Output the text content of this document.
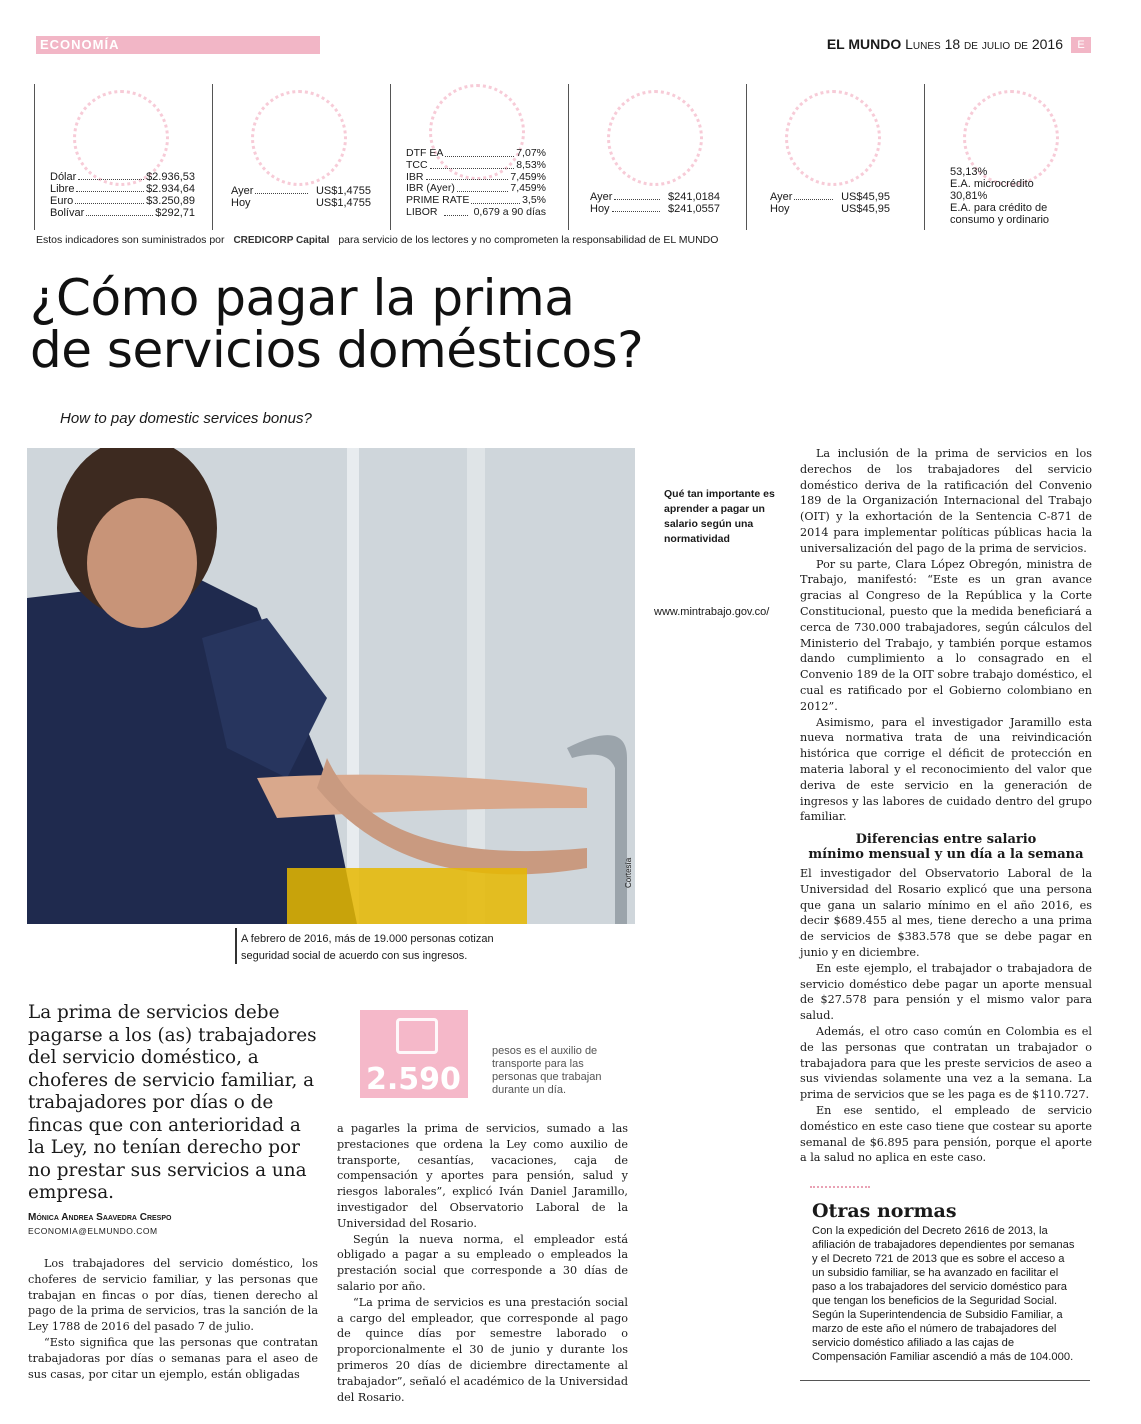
ECONOMÍA	EL MUNDO Lunes 18 de julio de 2016	E
Dólar	$2.936,53
Libre	$2.934,64
Euro	$3.250,89
Bolívar	$292,71
Ayer	US$1,4755
Hoy	US$1,4755
DTF EA	7,07%
TCC	8,53%
IBR	7,459%
IBR (Ayer)	7,459%
PRIME RATE	3,5%
LIBOR	0,679 a 90 días
Ayer	$241,0184
Hoy	$241,0557
Ayer	US$45,95
Hoy	US$45,95
53,13%
E.A. microcrédito
30,81%
E.A. para crédito de
consumo y ordinario
Estos indicadores son suministrados por CREDICORP Capital para servicio de los lectores y no comprometen la responsabilidad de EL MUNDO
¿Cómo pagar la prima
de servicios domésticos?
How to pay domestic services bonus?
Cortesía
A febrero de 2016, más de 19.000 personas cotizan seguridad social de acuerdo con sus ingresos.
Qué tan importante es aprender a pagar un salario según una normatividad
www.mintrabajo.gov.co/
La prima de servicios debe pagarse a los (as) trabajadores del servicio doméstico, a choferes de servicio familiar, a trabajadores por días o de fincas que con anterioridad a la Ley, no tenían derecho por no prestar sus servicios a una empresa.
Mónica Andrea Saavedra Crespo
ECONOMIA@ELMUNDO.COM
2.590
pesos es el auxilio de transporte para las personas que trabajan durante un día.

Los trabajadores del servicio doméstico, los choferes de servicio familiar, y las personas que trabajan en fincas o por días, tienen derecho al pago de la prima de servicios, tras la sanción de la Ley 1788 de 2016 del pasado 7 de julio.

“Esto significa que las personas que contratan trabajadoras por días o semanas para el aseo de sus casas, por citar un ejemplo, están obligadas

a pagarles la prima de servicios, sumado a las prestaciones que ordena la Ley como auxilio de transporte, cesantías, vacaciones, caja de compensación y aportes para pensión, salud y riesgos laborales”, explicó Iván Daniel Jaramillo, investigador del Observatorio Laboral de la Universidad del Rosario.

Según la nueva norma, el empleador está obligado a pagar a su empleado o empleados la prestación social que corresponde a 30 días de salario por año.

“La prima de servicios es una prestación social a cargo del empleador, que corresponde al pago de quince días por semestre laborado o proporcionalmente el 30 de junio y durante los primeros 20 días de diciembre directamente al trabajador”, señaló el académico de la Universidad del Rosario.

La inclusión de la prima de servicios en los derechos de los trabajadores del servicio doméstico deriva de la ratificación del Convenio 189 de la Organización Internacional del Trabajo (OIT) y la exhortación de la Sentencia C-871 de 2014 para implementar políticas públicas hacia la universalización del pago de la prima de servicios.

Por su parte, Clara López Obregón, ministra de Trabajo, manifestó: “Este es un gran avance gracias al Congreso de la República y la Corte Constitucional, puesto que la medida beneficiará a cerca de 730.000 trabajadores, según cálculos del Ministerio del Trabajo, y también porque estamos dando cumplimiento a lo consagrado en el Convenio 189 de la OIT sobre trabajo doméstico, el cual es ratificado por el Gobierno colombiano en 2012”.

Asimismo, para el investigador Jaramillo esta nueva normativa trata de una reivindicación histórica que corrige el déficit de protección en materia laboral y el reconocimiento del valor que deriva de este servicio en la generación de ingresos y las labores de cuidado dentro del grupo familiar.

Diferencias entre salario
mínimo mensual y un día a la semana

El investigador del Observatorio Laboral de la Universidad del Rosario explicó que una persona que gana un salario mínimo en el año 2016, es decir $689.455 al mes, tiene derecho a una prima de servicios de $383.578 que se debe pagar en junio y en diciembre.

En este ejemplo, el trabajador o trabajadora de servicio doméstico debe pagar un aporte mensual de $27.578 para pensión y el mismo valor para salud.

Además, el otro caso común en Colombia es el de las personas que contratan un trabajador o trabajadora para que les preste servicios de aseo a sus viviendas solamente una vez a la semana. La prima de servicios que se les paga es de $110.727.

En ese sentido, el empleado de servicio doméstico en este caso tiene que costear su aporte semanal de $6.895 para pensión, porque el aporte a la salud no aplica en este caso.

Otras normas
Con la expedición del Decreto 2616 de 2013, la afiliación de trabajadores dependientes por semanas y el Decreto 721 de 2013 que es sobre el acceso a un subsidio familiar, se ha avanzado en facilitar el paso a los trabajadores del servicio doméstico para que tengan los beneficios de la Seguridad Social. Según la Superintendencia de Subsidio Familiar, a marzo de este año el número de trabajadores del servicio doméstico afiliado a las cajas de Compensación Familiar ascendió a más de 104.000.
